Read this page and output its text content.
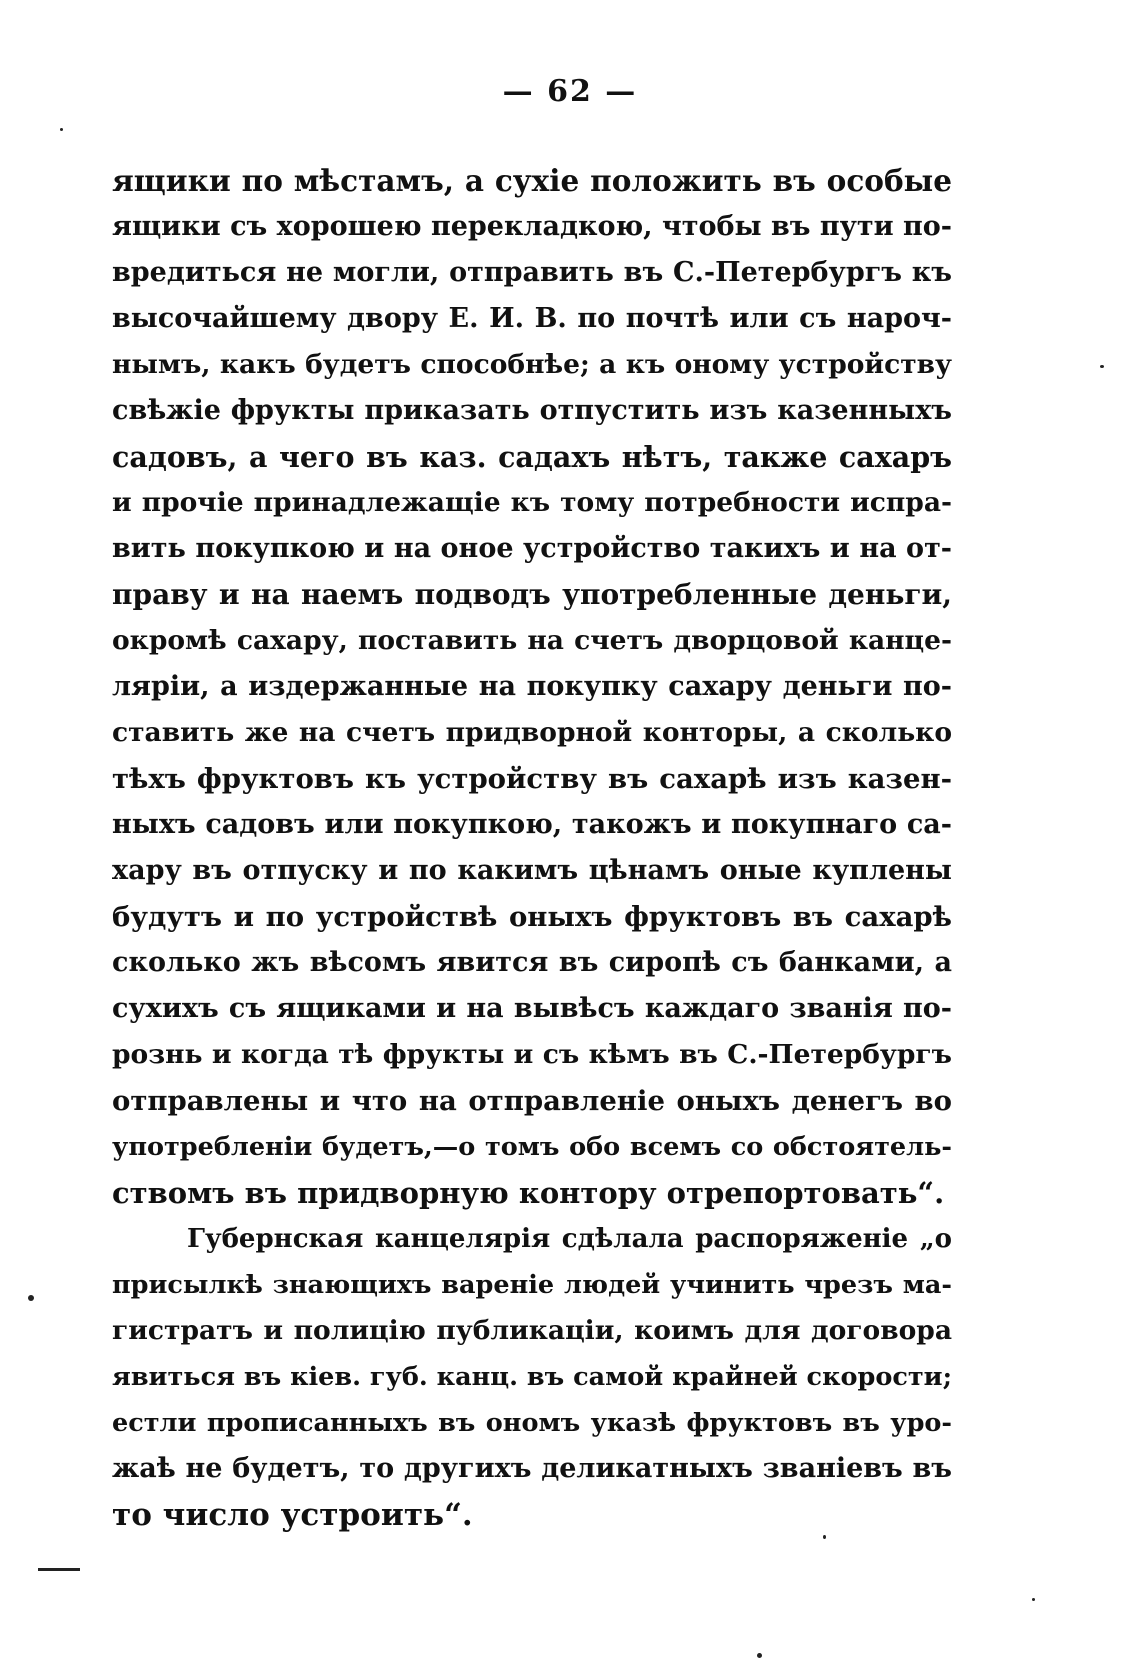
— 62 —
ящики по мѣстамъ, а сухіе положить въ особые
ящики съ хорошею перекладкою, чтобы въ пути по-
вредиться не могли, отправить въ С.-Петербургъ къ
высочайшему двору Е. И. В. по почтѣ или съ нароч-
нымъ, какъ будетъ способнѣе; а къ оному устройству
свѣжіе фрукты приказать отпустить изъ казенныхъ
садовъ, а чего въ каз. садахъ нѣтъ, также сахаръ
и прочіе принадлежащіе къ тому потребности испра-
вить покупкою и на оное устройство такихъ и на от-
праву и на наемъ подводъ употребленные деньги,
окромѣ сахару, поставить на счетъ дворцовой канце-
ляріи, а издержанные на покупку сахару деньги по-
ставить же на счетъ придворной конторы, а сколько
тѣхъ фруктовъ къ устройству въ сахарѣ изъ казен-
ныхъ садовъ или покупкою, такожъ и покупнаго са-
хару въ отпуску и по какимъ цѣнамъ оные куплены
будутъ и по устройствѣ оныхъ фруктовъ въ сахарѣ
сколько жъ вѣсомъ явится въ сиропѣ съ банками, а
сухихъ съ ящиками и на вывѣсъ каждаго званія по-
рознь и когда тѣ фрукты и съ кѣмъ въ С.-Петербургъ
отправлены и что на отправленіе оныхъ денегъ во
употребленіи будетъ,—о томъ обо всемъ со обстоятель-
ствомъ въ придворную контору отрепортовать“.
Губернская канцелярія сдѣлала распоряженіе „о
присылкѣ знающихъ вареніе людей учинить чрезъ ма-
гистратъ и полицію публикаціи, коимъ для договора
явиться въ кіев. губ. канц. въ самой крайней скорости;
естли прописанныхъ въ ономъ указѣ фруктовъ въ уро-
жаѣ не будетъ, то другихъ деликатныхъ званіевъ въ
то число устроить“.
